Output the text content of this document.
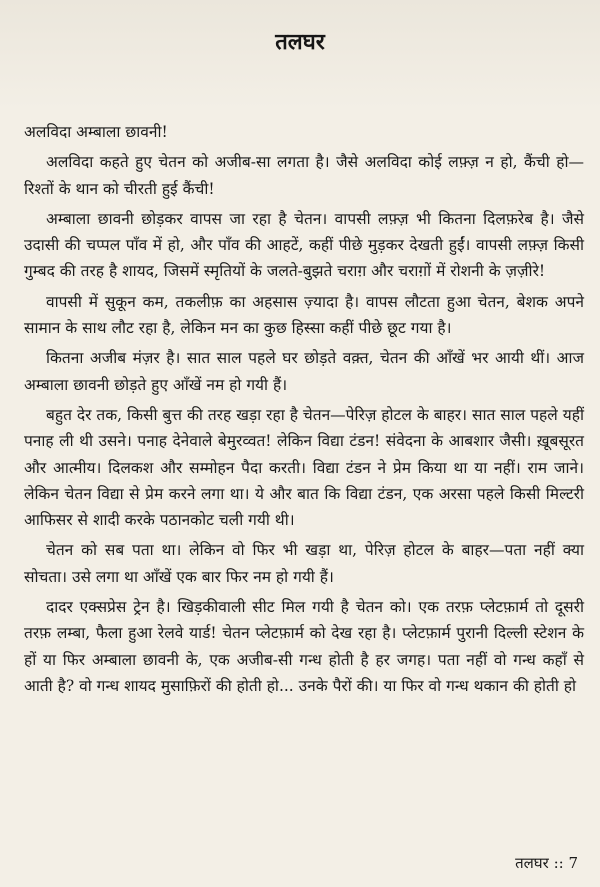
तलघर

अलविदा अम्बाला छावनी!

अलविदा कहते हुए चेतन को अजीब-सा लगता है। जैसे अलविदा कोई लफ़्ज़ न हो, कैंची हो—रिश्तों के थान को चीरती हुई कैंची!

अम्बाला छावनी छोड़कर वापस जा रहा है चेतन। वापसी लफ़्ज़ भी कितना दिलफ़रेब है। जैसे उदासी की चप्पल पाँव में हो, और पाँव की आहटें, कहीं पीछे मुड़कर देखती हुईं। वापसी लफ़्ज़ किसी गुम्बद की तरह है शायद, जिसमें स्मृतियों के जलते-बुझते चराग़ और चराग़ों में रोशनी के ज़ज़ीरे!

वापसी में सुकून कम, तकलीफ़ का अहसास ज़्यादा है। वापस लौटता हुआ चेतन, बेशक अपने सामान के साथ लौट रहा है, लेकिन मन का कुछ हिस्सा कहीं पीछे छूट गया है।

कितना अजीब मंज़र है। सात साल पहले घर छोड़ते वक़्त, चेतन की आँखें भर आयी थीं। आज अम्बाला छावनी छोड़ते हुए आँखें नम हो गयी हैं।

बहुत देर तक, किसी बुत्त की तरह खड़ा रहा है चेतन—पेरिज़ होटल के बाहर। सात साल पहले यहीं पनाह ली थी उसने। पनाह देनेवाले बेमुरव्वत! लेकिन विद्या टंडन! संवेदना के आबशार जैसी। ख़ूबसूरत और आत्मीय। दिलकश और सम्मोहन पैदा करती। विद्या टंडन ने प्रेम किया था या नहीं। राम जाने। लेकिन चेतन विद्या से प्रेम करने लगा था। ये और बात कि विद्या टंडन, एक अरसा पहले किसी मिल्टरी आफिसर से शादी करके पठानकोट चली गयी थी।

चेतन को सब पता था। लेकिन वो फिर भी खड़ा था, पेरिज़ होटल के बाहर—पता नहीं क्या सोचता। उसे लगा था आँखें एक बार फिर नम हो गयी हैं।

दादर एक्सप्रेस ट्रेन है। खिड़कीवाली सीट मिल गयी है चेतन को। एक तरफ़ प्लेटफ़ार्म तो दूसरी तरफ़ लम्बा, फैला हुआ रेलवे यार्ड! चेतन प्लेटफ़ार्म को देख रहा है। प्लेटफ़ार्म पुरानी दिल्ली स्टेशन के हों या फिर अम्बाला छावनी के, एक अजीब-सी गन्ध होती है हर जगह। पता नहीं वो गन्ध कहाँ से आती है? वो गन्ध शायद मुसाफ़िरों की होती हो... उनके पैरों की। या फिर वो गन्ध थकान की होती हो

तलघर :: 7
